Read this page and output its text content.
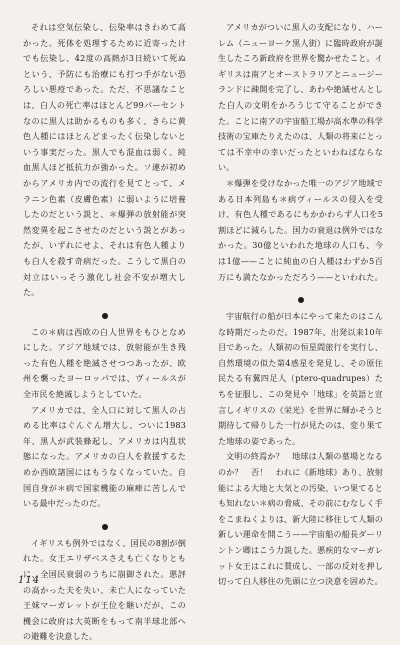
それは空気伝染し、伝染率はきわめて高かった。死体を処理するために近寄ったけでも伝染し、42度の高熱が3日続いて死ぬという、予防にも治療にも打つ手がない恐ろしい悪疫であった。ただ、不思議なことは、白人の死亡率はほとんど99パーセントなのに黒人は助かるものも多く、きらに黄色人種にはほとんどまったく伝染しないという事実だった。黒人でも混血は弱く、純血黒人ほど抵抗力が強かった。ソ連が初めからアメリカ内での流行を見てとって、メラニン色素（皮膚色素）に弱いように培養したのだという説と、＊爆弾の放射能が突然変異を起こさせたのだという説とがあったが、いずれにせよ、それは有色人種よりも白人を殺す奇病だった。こうして黒白の対立はいっそう激化し社会不安が増大した。

この＊病は西欧の白人世界をもひとなめにした。アジア地域では、放射能が生き残った有色人種を絶滅させつつあったが、欧州を襲ったヨーロッパでは、ヴィールスが全市民を絶滅しようとしていた。

アメリカでは、全人口に対して黒人の占める比率はぐんぐん増大し、ついに1983年、黒人が武装蜂起し、アメリカは内乱状態になった。アメリカの白人を救援するためか西欧諸国にはもうなくなっていた。自国自身が＊病で国家機能の麻痺に苦しんでいる最中だったのだ。

イギリスも例外ではなく、国民の8割が倒れた。女王エリザベスさえも亡くなりともに、全国民衰弱のうちに崩御された。悪評の高かった夫を失い、未亡人になっていた王妹マーガレットが王位を継いだが、この機会に政府は大英断をもって南半球北部への避難を決意した。

アメリカがついに黒人の支配になり、ハーレム（ニューヨーク黒人街）に臨時政府が誕生したころ新政府を世界を驚かせたこと。イギリスは南アとオーストラリアとニュージーランドに疎開を完了し、あわや絶滅せんとした白人の文明をかろうじて守ることができた。ことに南アの宇宙船工場が高水準の科学技術の宝庫たりえたのは、人類の将来にとっては不幸中の幸いだったといわねばならない。

＊爆弾を受けなかった唯一のアジア地域である日本列島も＊病ヴィールスの侵入を受け、有色人種であるにもかかわらず人口を5割ほどに減らした。国力の衰退は例外ではなかった。30億といわれた地球の人口も、今は1億——ことに純血の白人種はわずか5百万にも満たなかっただろう——といわれた。

宇宙航行の船が日本にやって来たのはこんな時期だったのだ。1987年、出発以来10年目であった。人類初の恒星間旅行を実行し、自然環境の似た第4惑星を発見し、その原住民たる有翼四足人（ptero-quadrupes）たちを征服し、この発見や「地球」を英語と宣言しイギリスの《栄光》を世界に輝かそうと期待して帰りした一行が見たのは、変り果てた地球の姿であった。

文明の終焉か？　地球は人類の墓場となるのか？　否！　われに《新地球》あり、放射能による大地と大気との汚染、いつ果てるとも知れない＊病の脅威、その前にむなしく手をこまねくよりは、新大陸に移住して人類の新しい運命を開こう——宇宙船の船長ダーリントン卿はこう力説した。悪疾的なマーガレット女王はこれに賛成し、一部の反対を押し切って白人移住の先頭に立つ決意を固めた。

114
